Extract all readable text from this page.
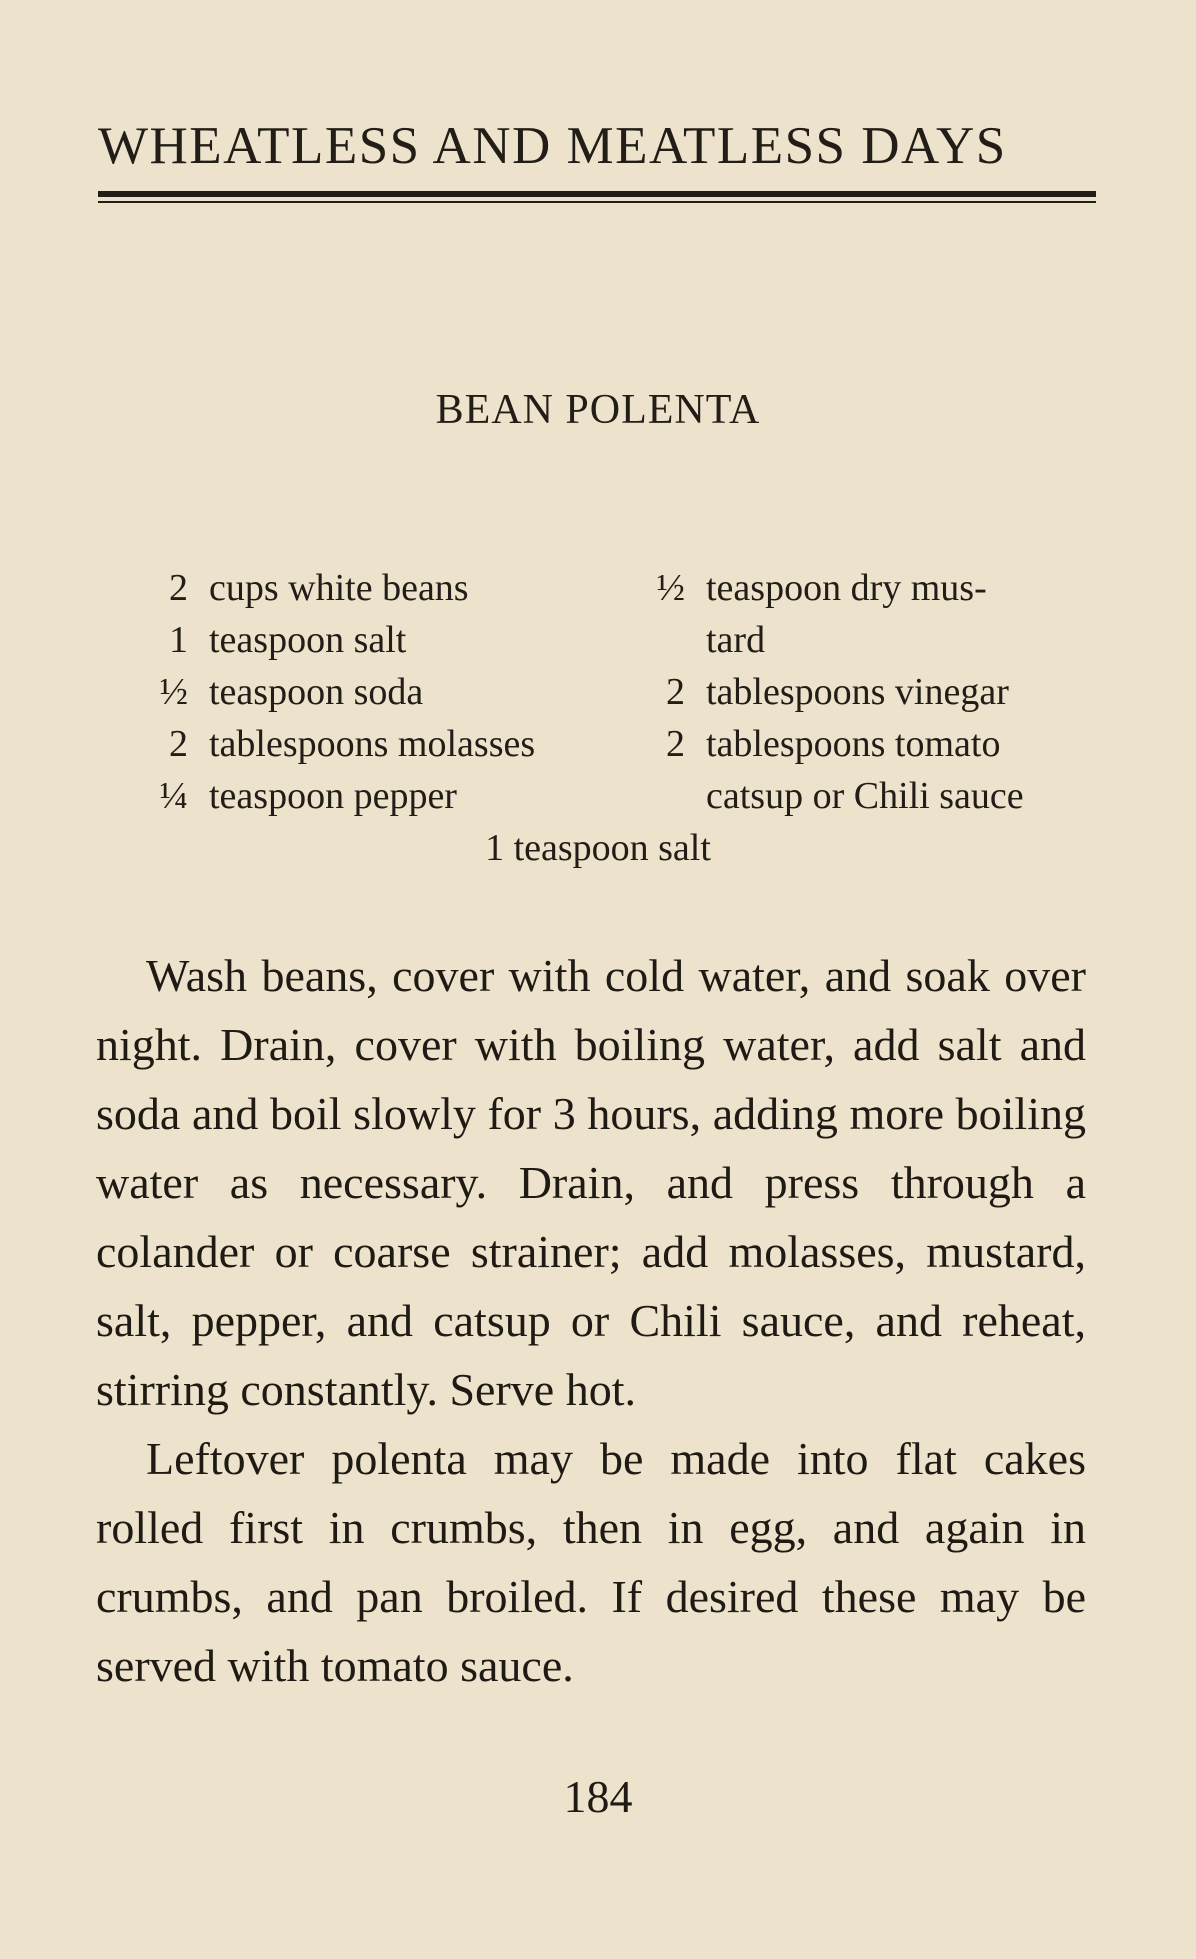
WHEATLESS AND MEATLESS DAYS
BEAN POLENTA
2 cups white beans
1 teaspoon salt
½ teaspoon soda
2 tablespoons molasses
¼ teaspoon pepper
½ teaspoon dry mus-
tard
2 tablespoons vinegar
2 tablespoons tomato
catsup or Chili sauce
1 teaspoon salt

Wash beans, cover with cold water, and soak over night. Drain, cover with boiling water, add salt and soda and boil slowly for 3 hours, adding more boiling water as necessary. Drain, and press through a colander or coarse strainer; add molasses, mustard, salt, pepper, and catsup or Chili sauce, and reheat, stirring constantly. Serve hot.

Leftover polenta may be made into flat cakes rolled first in crumbs, then in egg, and again in crumbs, and pan broiled. If desired these may be served with tomato sauce.

184
